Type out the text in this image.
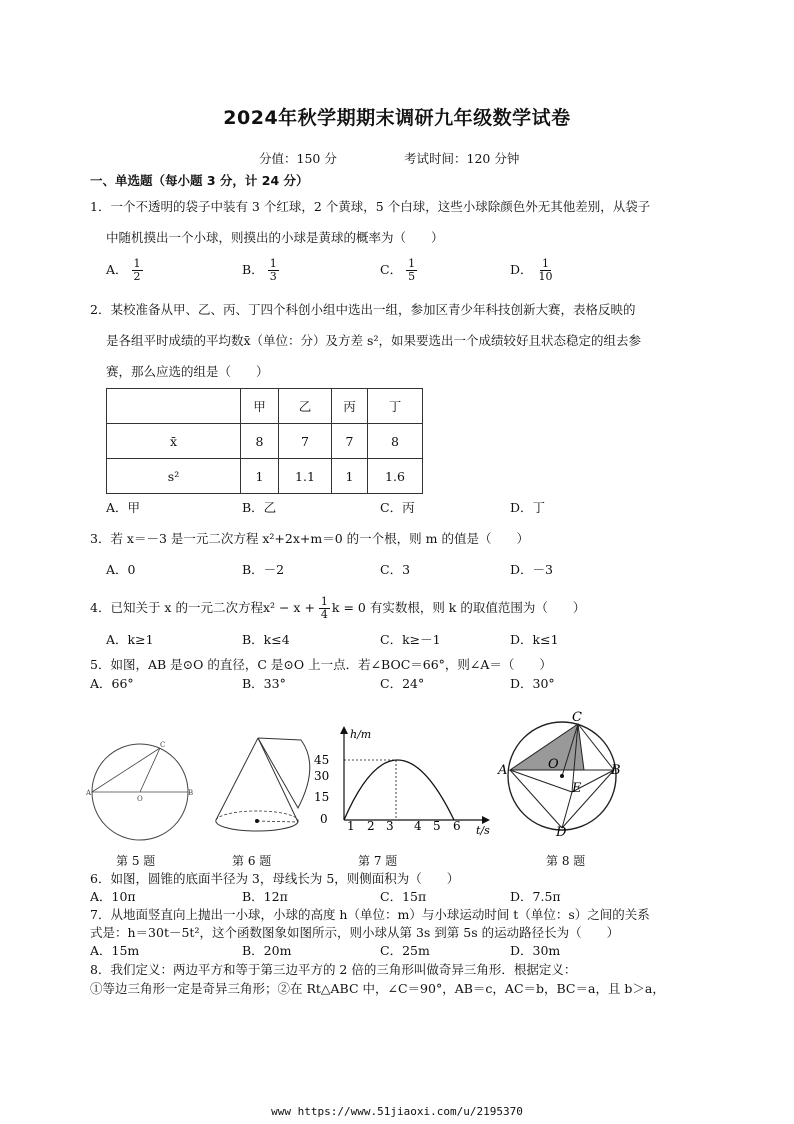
2024年秋学期期末调研九年级数学试卷
分值：150 分	考试时间：120 分钟
一、单选题（每小题 3 分，计 24 分）
1．一个不透明的袋子中装有 3 个红球，2 个黄球，5 个白球，这些小球除颜色外无其他差别，从袋子
中随机摸出一个小球，则摸出的小球是黄球的概率为（　　）
A． $\frac{1}{2}$	B． $\frac{1}{3}$	C． $\frac{1}{5}$	D． $\frac{1}{10}$
2．某校准备从甲、乙、丙、丁四个科创小组中选出一组，参加区青少年科技创新大赛，表格反映的
是各组平时成绩的平均数x̄（单位：分）及方差 s²，如果要选出一个成绩较好且状态稳定的组去参
赛，那么应选的组是（　　）
	甲	乙	丙	丁
x̄	8	7	7	8
s²	1	1.1	1	1.6
A．甲	B．乙	C．丙	D．丁
3．若 x＝－3 是一元二次方程 x²+2x+m＝0 的一个根，则 m 的值是（　　）
A．0	B．－2	C．3	D．－3
4．已知关于 x 的一元二次方程$x^2 - x + \frac{1}{4}$ k = 0 有实数根，则 k 的取值范围为（　　）
A．k≥1	B．k≤4	C．k≥－1	D．k≤1
5．如图，AB 是⊙O 的直径，C 是⊙O 上一点．若∠BOC＝66°，则∠A＝（　　）
A．66°	B．33°	C．24°	D．30°
A	B
O
C
h/m
t/s
45
30
15
0 1 2 3 4 5 6
A	B
C
D
E
O
第 5 题	第 6 题	第 7 题	第 8 题
6．如图，圆锥的底面半径为 3，母线长为 5，则侧面积为（　　）
A．10π	B．12π	C．15π	D．7.5π
7．从地面竖直向上抛出一小球，小球的高度 h（单位：m）与小球运动时间 t（单位：s）之间的关系
式是：h＝30t－5t²，这个函数图象如图所示，则小球从第 3s 到第 5s 的运动路径长为（　　）
A．15m	B．20m	C．25m	D．30m
8．我们定义：两边平方和等于第三边平方的 2 倍的三角形叫做奇异三角形．根据定义：
①等边三角形一定是奇异三角形；②在 Rt△ABC 中，∠C＝90°，AB＝c，AC＝b，BC＝a，且 b＞a，
www https://www.51jiaoxi.com/u/2195370
